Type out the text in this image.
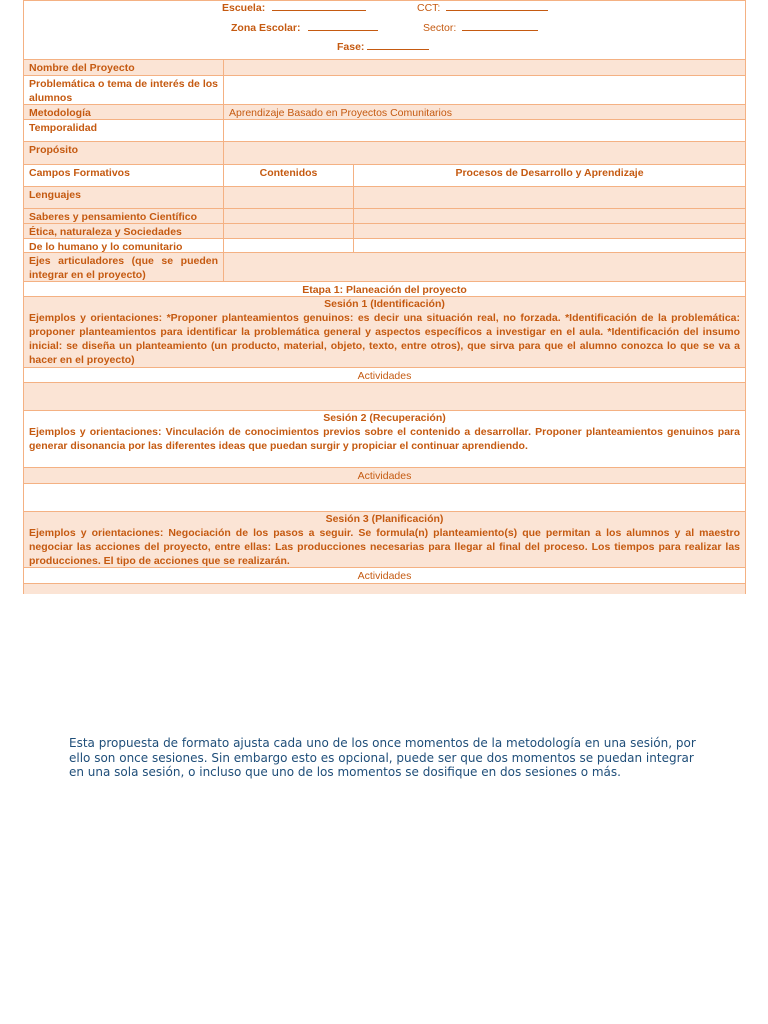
Escuela:	CCT:
Zona Escolar:	Sector:
Fase:
Nombre del Proyecto
Problemática o tema de interés de los alumnos
Metodología	Aprendizaje Basado en Proyectos Comunitarios
Temporalidad
Propósito
Campos Formativos	Contenidos	Procesos de Desarrollo y Aprendizaje
Lenguajes
Saberes y pensamiento Científico
Ética, naturaleza y Sociedades
De lo humano y lo comunitario
Ejes articuladores (que se pueden integrar en el proyecto)
Etapa 1: Planeación del proyecto
Sesión 1 (Identificación)
Ejemplos y orientaciones: *Proponer planteamientos genuinos: es decir una situación real, no forzada. *Identificación de la problemática: proponer planteamientos para identificar la problemática general y aspectos específicos a investigar en el aula. *Identificación del insumo inicial: se diseña un planteamiento (un producto, material, objeto, texto, entre otros), que sirva para que el alumno conozca lo que se va a hacer en el proyecto)
Actividades
Sesión 2 (Recuperación)
Ejemplos y orientaciones: Vinculación de conocimientos previos sobre el contenido a desarrollar. Proponer planteamientos genuinos para generar disonancia por las diferentes ideas que puedan surgir y propiciar el continuar aprendiendo.
Actividades
Sesión 3 (Planificación)
Ejemplos y orientaciones: Negociación de los pasos a seguir. Se formula(n) planteamiento(s) que permitan a los alumnos y al maestro negociar las acciones del proyecto, entre ellas: Las producciones necesarias para llegar al final del proceso. Los tiempos para realizar las producciones. El tipo de acciones que se realizarán.
Actividades
Esta propuesta de formato ajusta cada uno de los once momentos de la metodología en una sesión, por ello son once sesiones. Sin embargo esto es opcional, puede ser que dos momentos se puedan integrar en una sola sesión, o incluso que uno de los momentos se dosifique en dos sesiones o más.
